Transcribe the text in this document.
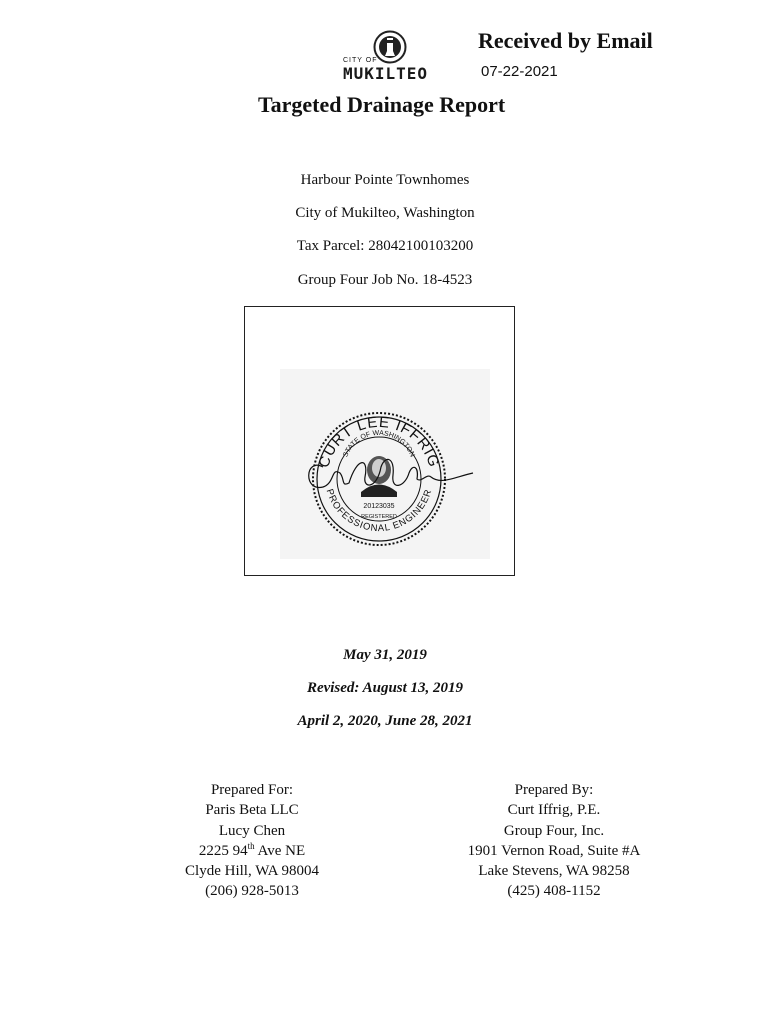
CITY OF
MUKILTEO
Received by Email
07-22-2021
Targeted Drainage Report
Harbour Pointe Townhomes
City of Mukilteo, Washington
Tax Parcel: 28042100103200
Group Four Job No. 18-4523
CURT LEE IFFRIG
STATE OF WASHINGTON
PROFESSIONAL ENGINEER
20123035
REGISTERED
May 31, 2019
Revised: August 13, 2019
April 2, 2020, June 28, 2021
Prepared For:
Paris Beta LLC
Lucy Chen
2225 94th Ave NE
Clyde Hill, WA 98004
(206) 928-5013
Prepared By:
Curt Iffrig, P.E.
Group Four, Inc.
1901 Vernon Road, Suite #A
Lake Stevens, WA 98258
(425) 408-1152
